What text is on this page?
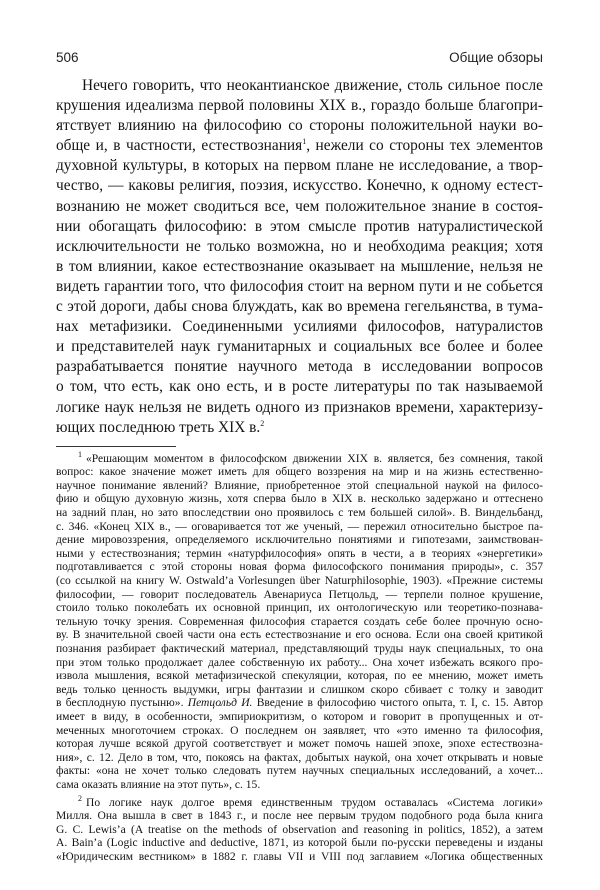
506	Общие обзоры

Нечего говорить, что неокантианское движение, столь сильное после
крушения идеализма первой половины XIX в., гораздо больше благопри-
ятствует влиянию на философию со стороны положительной науки во-
обще и, в частности, естествознания$^1$, нежели со стороны тех элементов
духовной культуры, в которых на первом плане не исследование, а твор-
чество, — каковы религия, поэзия, искусство. Конечно, к одному естест-
вознанию не может сводиться все, чем положительное знание в состоя-
нии обогащать философию: в этом смысле против натуралистической
исключительности не только возможна, но и необходима реакция; хотя
в том влиянии, какое естествознание оказывает на мышление, нельзя не
видеть гарантии того, что философия стоит на верном пути и не собьется
с этой дороги, дабы снова блуждать, как во времена гегельянства, в тума-
нах метафизики. Соединенными усилиями философов, натуралистов
и представителей наук гуманитарных и социальных все более и более
разрабатывается понятие научного метода в исследовании вопросов
о том, что есть, как оно есть, и в росте литературы по так называемой
логике наук нельзя не видеть одного из признаков времени, характеризу-
ющих последнюю треть XIX в.$^2$

$^1$ «Решающим моментом в философском движении XIX в. является, без сомнения, такой
вопрос: какое значение может иметь для общего воззрения на мир и на жизнь естественно-
научное понимание явлений? Влияние, приобретенное этой специальной наукой на филосо-
фию и общую духовную жизнь, хотя сперва было в XIX в. несколько задержано и оттеснено
на задний план, но зато впоследствии оно проявилось с тем большей силой». В. Виндельбанд,
с. 346. «Конец XIX в., — оговаривается тот же ученый, — пережил относительно быстрое па-
дение мировоззрения, определяемого исключительно понятиями и гипотезами, заимствован-
ными у естествознания; термин «натурфилософия» опять в чести, а в теориях «энергетики»
подготавливается с этой стороны новая форма философского понимания природы», с. 357
(со ссылкой на книгу W. Ostwald’a Vorlesungen über Naturphilosophie, 1903). «Прежние системы
философии, — говорит последователь Авенариуса Петцольд, — терпели полное крушение,
стоило только поколебать их основной принцип, их онтологическую или теоретико-познава-
тельную точку зрения. Современная философия старается создать себе более прочную осно-
ву. В значительной своей части она есть естествознание и его основа. Если она своей критикой
познания разбирает фактический материал, представляющий труды наук специальных, то она
при этом только продолжает далее собственную их работу... Она хочет избежать всякого про-
извола мышления, всякой метафизической спекуляции, которая, по ее мнению, может иметь
ведь только ценность выдумки, игры фантазии и слишком скоро сбивает с толку и заводит
в бесплодную пустыню». Петцольд И. Введение в философию чистого опыта, т. I, с. 15. Автор
имеет в виду, в особенности, эмпириокритизм, о котором и говорит в пропущенных и от-
меченных многоточием строках. О последнем он заявляет, что «это именно та философия,
которая лучше всякой другой соответствует и может помочь нашей эпохе, эпохе естествозна-
ния», с. 12. Дело в том, что, покоясь на фактах, добытых наукой, она хочет открывать и новые
факты: «она не хочет только следовать путем научных специальных исследований, а хочет...
сама оказать влияние на этот путь», с. 15.
$^2$ По логике наук долгое время единственным трудом оставалась «Система логики»
Милля. Она вышла в свет в 1843 г., и после нее первым трудом подобного рода была книга
G. C. Lewis’a (A treatise on the methods of observation and reasoning in politics, 1852), а затем
A. Bain’a (Logic inductive and deductive, 1871, из которой были по-русски переведены и изданы
«Юридическим вестником» в 1882 г. главы VII и VIII под заглавием «Логика общественных
